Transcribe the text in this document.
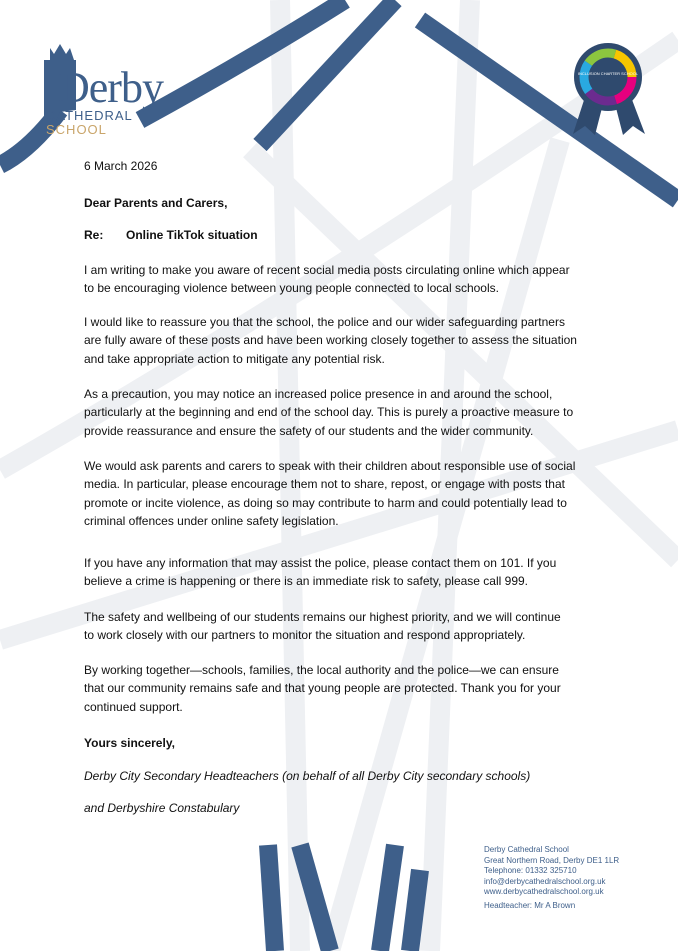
Derby
CATHEDRAL
SCHOOL
INCLUSION CHARTER SCHOOL
6 March 2026
Dear Parents and Carers,
Re: Online TikTok situation
I am writing to make you aware of recent social media posts circulating online which appear
to be encouraging violence between young people connected to local schools.
I would like to reassure you that the school, the police and our wider safeguarding partners
are fully aware of these posts and have been working closely together to assess the situation
and take appropriate action to mitigate any potential risk.
As a precaution, you may notice an increased police presence in and around the school,
particularly at the beginning and end of the school day. This is purely a proactive measure to
provide reassurance and ensure the safety of our students and the wider community.
We would ask parents and carers to speak with their children about responsible use of social
media. In particular, please encourage them not to share, repost, or engage with posts that
promote or incite violence, as doing so may contribute to harm and could potentially lead to
criminal offences under online safety legislation.
If you have any information that may assist the police, please contact them on 101. If you
believe a crime is happening or there is an immediate risk to safety, please call 999.
The safety and wellbeing of our students remains our highest priority, and we will continue
to work closely with our partners to monitor the situation and respond appropriately.
By working together—schools, families, the local authority and the police—we can ensure
that our community remains safe and that young people are protected. Thank you for your
continued support.
Yours sincerely,
Derby City Secondary Headteachers (on behalf of all Derby City secondary schools)
and Derbyshire Constabulary
Derby Cathedral School
Great Northern Road, Derby DE1 1LR
Telephone: 01332 325710
info@derbycathedralschool.org.uk
www.derbycathedralschool.org.uk
Headteacher: Mr A Brown
